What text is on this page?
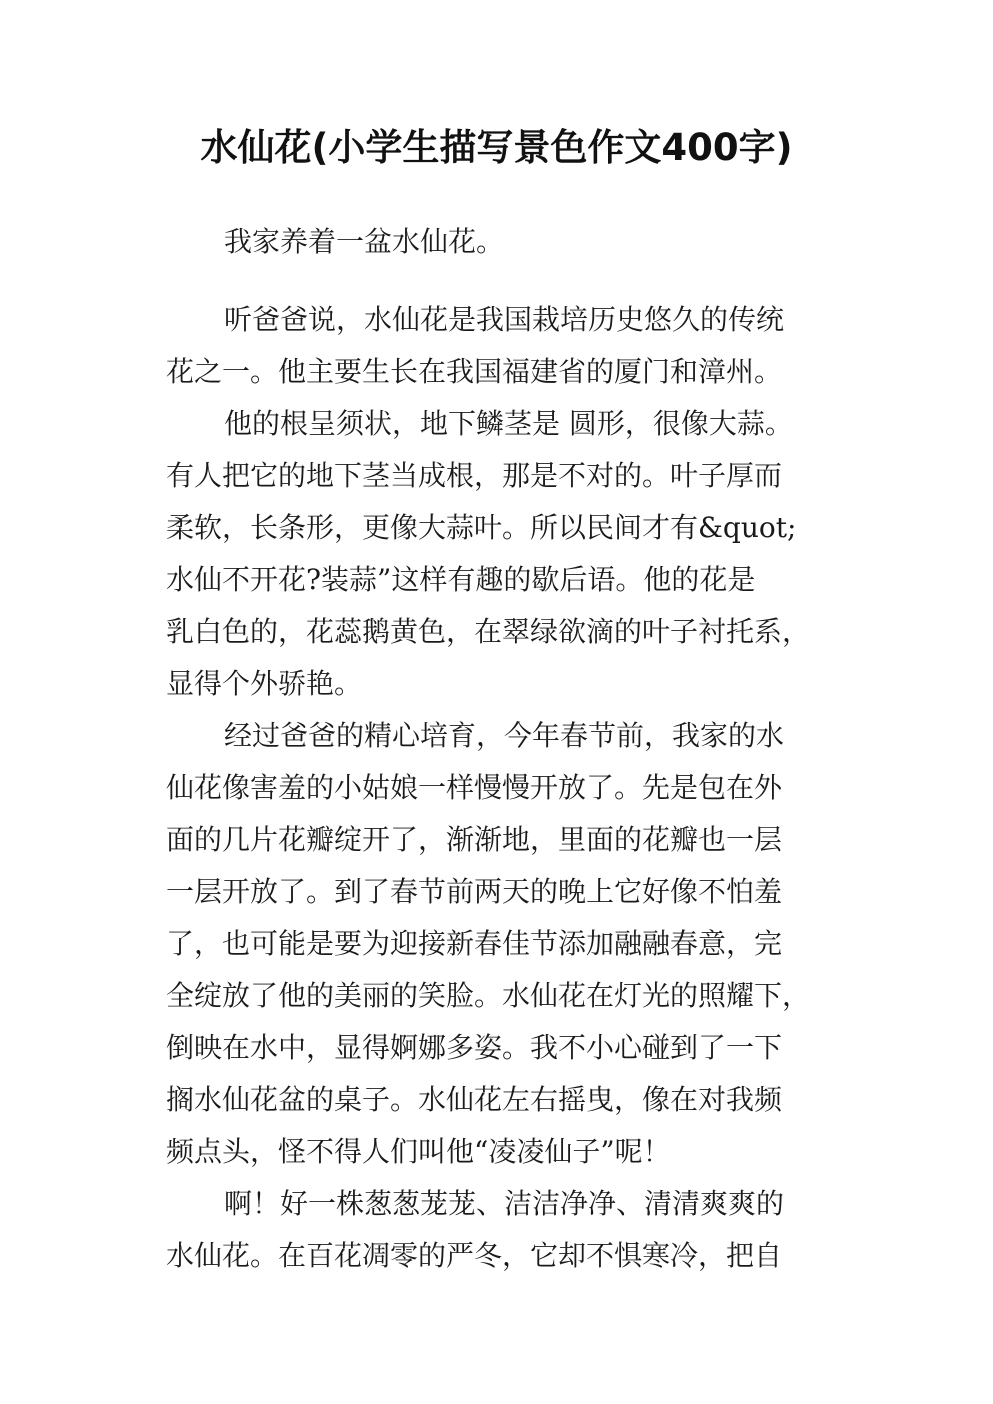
水仙花(小学生描写景色作文400字)
我家养着一盆水仙花。
听爸爸说，水仙花是我国栽培历史悠久的传统
花之一。他主要生长在我国福建省的厦门和漳州。
他的根呈须状，地下鳞茎是 圆形，很像大蒜。
有人把它的地下茎当成根，那是不对的。叶子厚而
柔软，长条形，更像大蒜叶。所以民间才有&quot;
水仙不开花?装蒜”这样有趣的歇后语。他的花是
乳白色的，花蕊鹅黄色，在翠绿欲滴的叶子衬托系，
显得个外骄艳。
经过爸爸的精心培育，今年春节前，我家的水
仙花像害羞的小姑娘一样慢慢开放了。先是包在外
面的几片花瓣绽开了，渐渐地，里面的花瓣也一层
一层开放了。到了春节前两天的晚上它好像不怕羞
了，也可能是要为迎接新春佳节添加融融春意，完
全绽放了他的美丽的笑脸。水仙花在灯光的照耀下，
倒映在水中，显得婀娜多姿。我不小心碰到了一下
搁水仙花盆的桌子。水仙花左右摇曳，像在对我频
频点头，怪不得人们叫他“凌凌仙子”呢！
啊！好一株葱葱茏茏、洁洁净净、清清爽爽的
水仙花。在百花凋零的严冬，它却不惧寒冷，把自
